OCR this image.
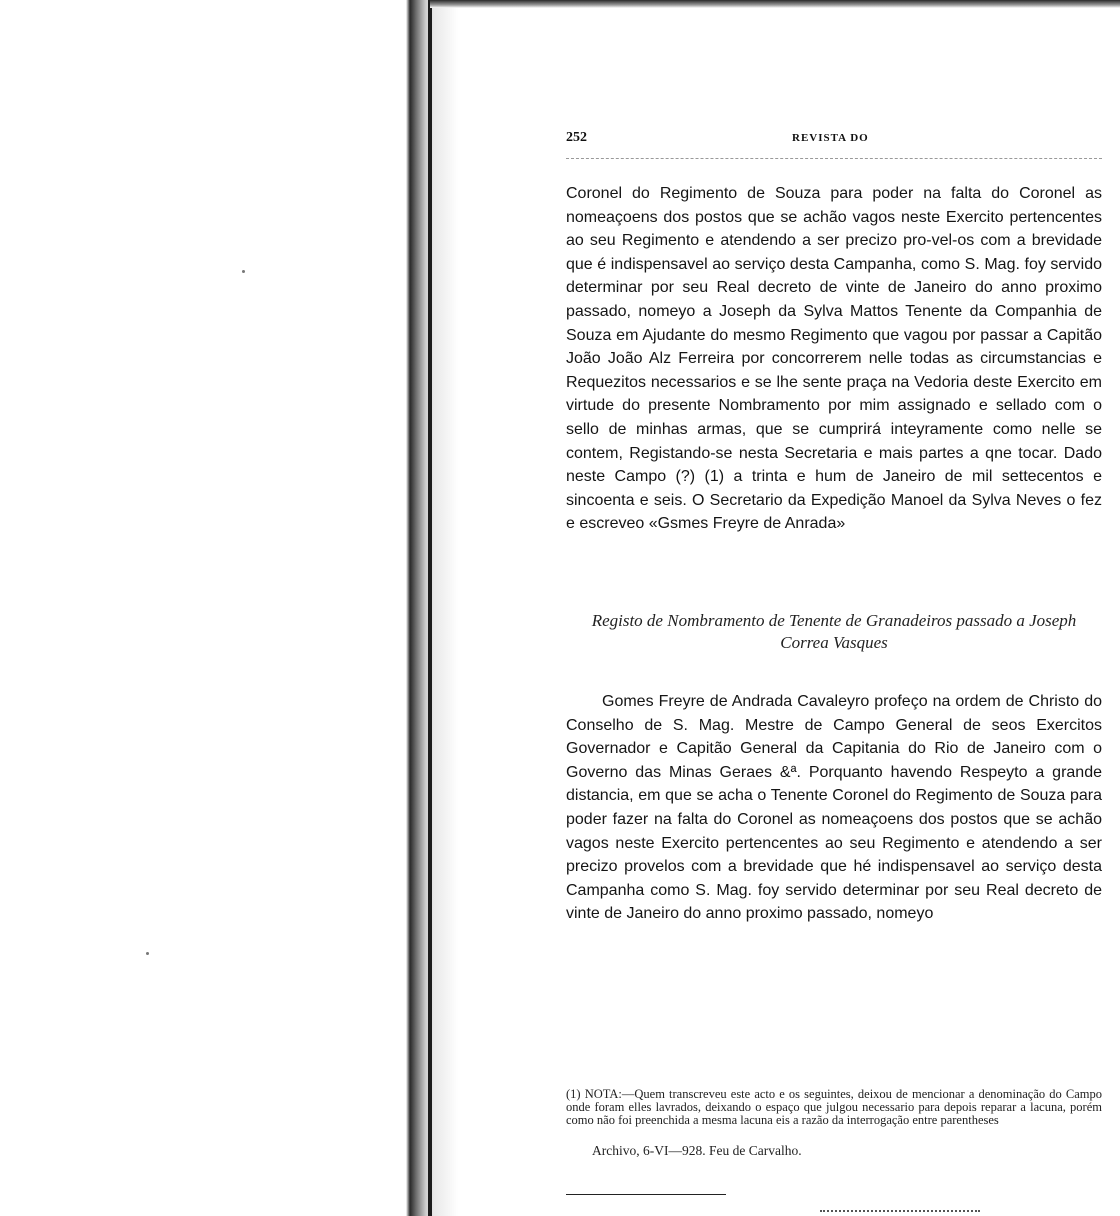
252	REVISTA DO

Coronel do Regimento de Souza para poder na falta do Coronel as nomeaçoens dos postos que se achão vagos neste Exercito pertencentes ao seu Regimento e atendendo a ser precizo pro-vel-os com a brevidade que é indispensavel ao serviço desta Campanha, como S. Mag. foy servido determinar por seu Real decreto de vinte de Janeiro do anno proximo passado, nomeyo a Joseph da Sylva Mattos Tenente da Companhia de Souza em Ajudante do mesmo Regimento que vagou por passar a Capitão João João Alz Ferreira por concorrerem nelle todas as circumstancias e Requezitos necessarios e se lhe sente praça na Vedoria deste Exercito em virtude do presente Nombramento por mim assignado e sellado com o sello de minhas armas, que se cumprirá inteyramente como nelle se contem, Registando-se nesta Secretaria e mais partes a qne tocar. Dado neste Campo (?) (1) a trinta e hum de Janeiro de mil settecentos e sincoenta e seis. O Secretario da Expedição Manoel da Sylva Neves o fez e escreveo «Gsmes Freyre de Anrada»

Registo de Nombramento de Tenente de Granadeiros passado a Joseph Correa Vasques

Gomes Freyre de Andrada Cavaleyro profeço na ordem de Christo do Conselho de S. Mag. Mestre de Campo General de seos Exercitos Governador e Capitão General da Capitania do Rio de Janeiro com o Governo das Minas Geraes &ª. Porquanto havendo Respeyto a grande distancia, em que se acha o Tenente Coronel do Regimento de Souza para poder fazer na falta do Coronel as nomeaçoens dos postos que se achão vagos neste Exercito pertencentes ao seu Regimento e atendendo a ser precizo provelos com a brevidade que hé indispensavel ao serviço desta Campanha como S. Mag. foy servido determinar por seu Real decreto de vinte de Janeiro do anno proximo passado, nomeyo

(1) NOTA:—Quem transcreveu este acto e os seguintes, deixou de mencionar a denominação do Campo onde foram elles lavrados, deixando o espaço que julgou necessario para depois reparar a lacuna, porém como não foi preenchida a mesma lacuna eis a razão da interrogação entre parentheses
Archivo, 6-VI—928. Feu de Carvalho.
